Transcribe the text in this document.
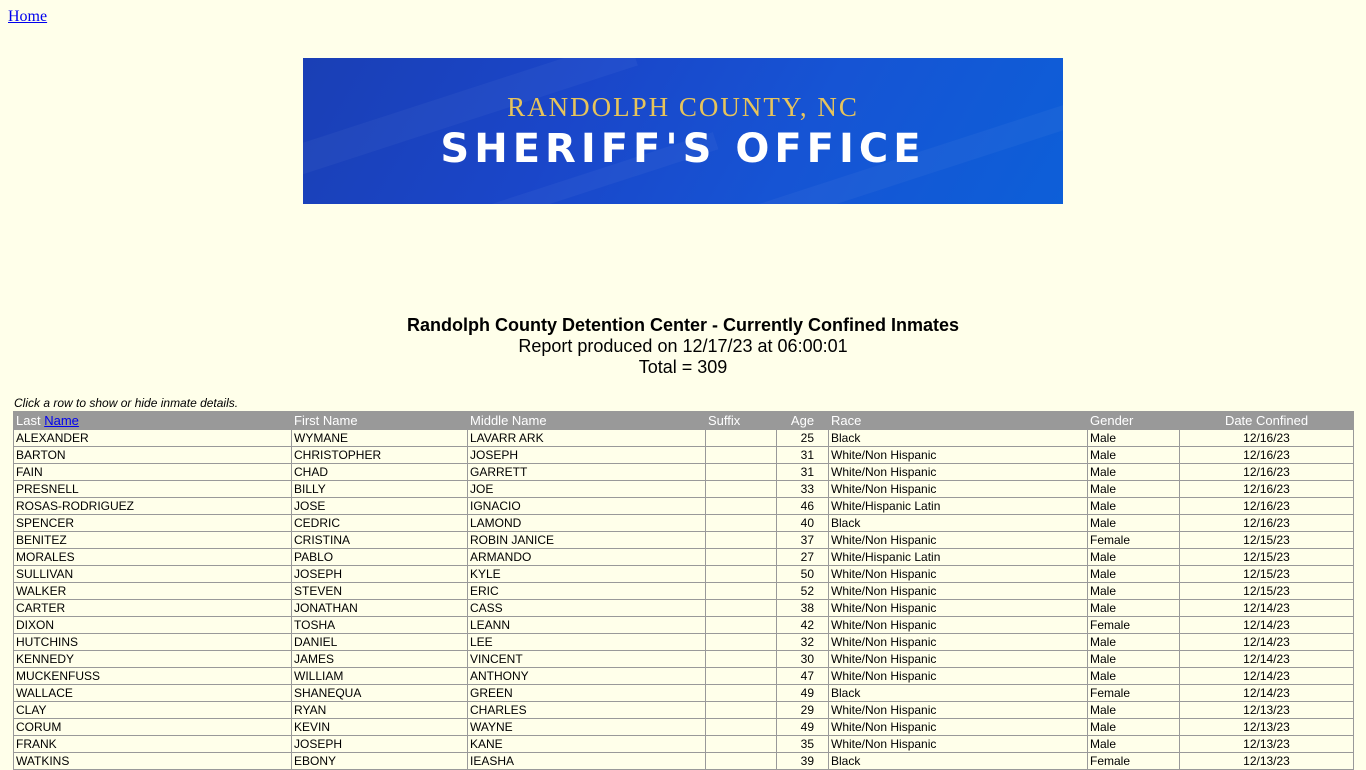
Home
RANDOLPH COUNTY, NC
SHERIFF'S OFFICE
Randolph County Detention Center - Currently Confined Inmates
Report produced on 12/17/23 at 06:00:01
Total = 309
Click a row to show or hide inmate details.
Last Name	First Name	Middle Name	Suffix	Age	Race	Gender	Date Confined
ALEXANDER	WYMANE	LAVARR ARK		25	Black	Male	12/16/23
BARTON	CHRISTOPHER	JOSEPH		31	White/Non Hispanic	Male	12/16/23
FAIN	CHAD	GARRETT		31	White/Non Hispanic	Male	12/16/23
PRESNELL	BILLY	JOE		33	White/Non Hispanic	Male	12/16/23
ROSAS-RODRIGUEZ	JOSE	IGNACIO		46	White/Hispanic Latin	Male	12/16/23
SPENCER	CEDRIC	LAMOND		40	Black	Male	12/16/23
BENITEZ	CRISTINA	ROBIN JANICE		37	White/Non Hispanic	Female	12/15/23
MORALES	PABLO	ARMANDO		27	White/Hispanic Latin	Male	12/15/23
SULLIVAN	JOSEPH	KYLE		50	White/Non Hispanic	Male	12/15/23
WALKER	STEVEN	ERIC		52	White/Non Hispanic	Male	12/15/23
CARTER	JONATHAN	CASS		38	White/Non Hispanic	Male	12/14/23
DIXON	TOSHA	LEANN		42	White/Non Hispanic	Female	12/14/23
HUTCHINS	DANIEL	LEE		32	White/Non Hispanic	Male	12/14/23
KENNEDY	JAMES	VINCENT		30	White/Non Hispanic	Male	12/14/23
MUCKENFUSS	WILLIAM	ANTHONY		47	White/Non Hispanic	Male	12/14/23
WALLACE	SHANEQUA	GREEN		49	Black	Female	12/14/23
CLAY	RYAN	CHARLES		29	White/Non Hispanic	Male	12/13/23
CORUM	KEVIN	WAYNE		49	White/Non Hispanic	Male	12/13/23
FRANK	JOSEPH	KANE		35	White/Non Hispanic	Male	12/13/23
WATKINS	EBONY	IEASHA		39	Black	Female	12/13/23
